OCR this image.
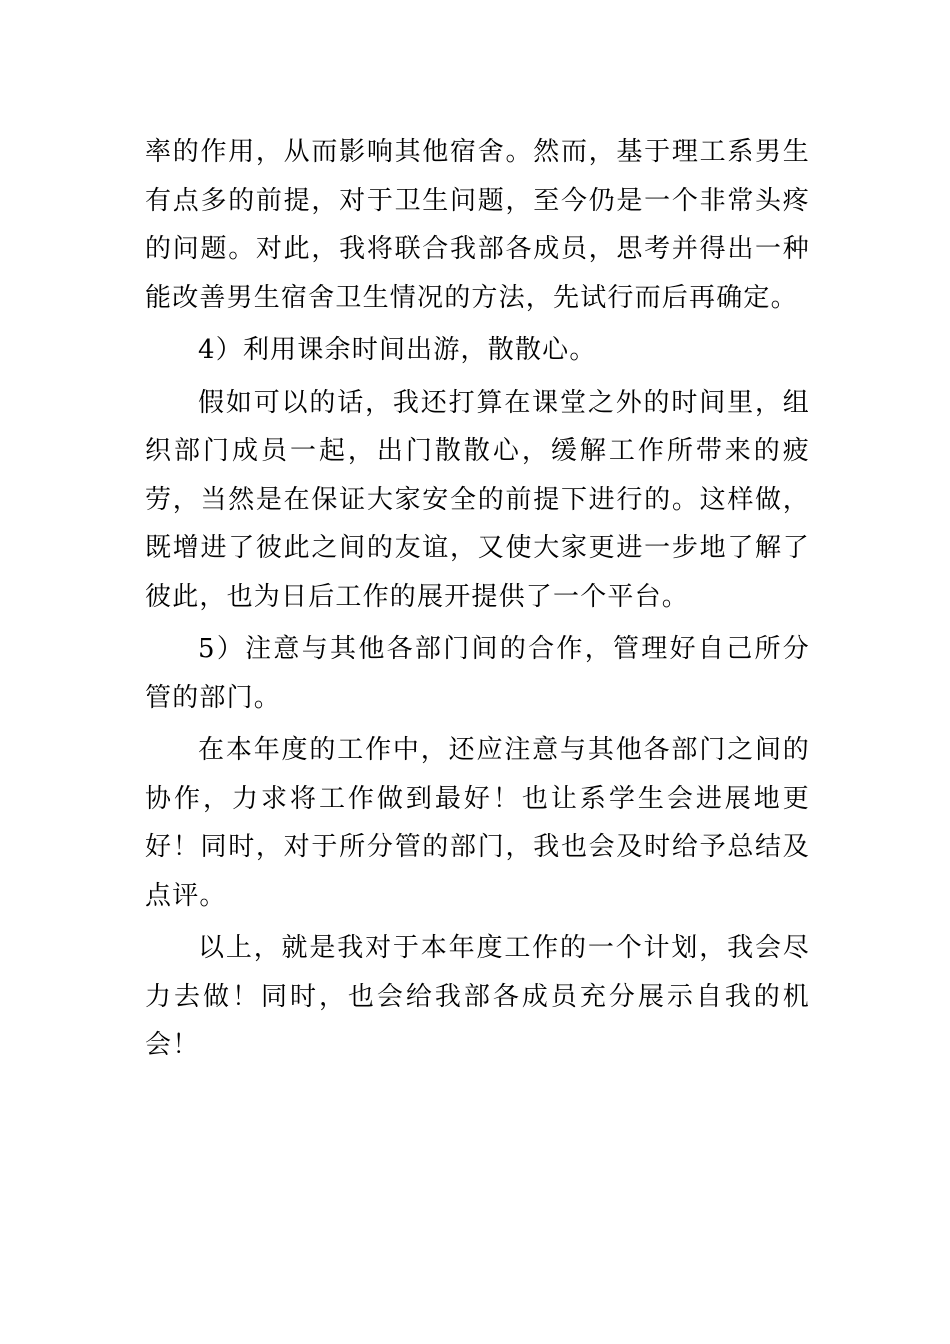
率的作用，从而影响其他宿舍。然而，基于理工系男生有点多的前提，对于卫生问题，至今仍是一个非常头疼的问题。对此，我将联合我部各成员，思考并得出一种能改善男生宿舍卫生情况的方法，先试行而后再确定。

4）利用课余时间出游，散散心。

假如可以的话，我还打算在课堂之外的时间里，组织部门成员一起，出门散散心，缓解工作所带来的疲劳，当然是在保证大家安全的前提下进行的。这样做，既增进了彼此之间的友谊，又使大家更进一步地了解了彼此，也为日后工作的展开提供了一个平台。

5）注意与其他各部门间的合作，管理好自己所分管的部门。

在本年度的工作中，还应注意与其他各部门之间的协作，力求将工作做到最好！也让系学生会进展地更好！同时，对于所分管的部门，我也会及时给予总结及点评。

以上，就是我对于本年度工作的一个计划，我会尽力去做！同时，也会给我部各成员充分展示自我的机会！
